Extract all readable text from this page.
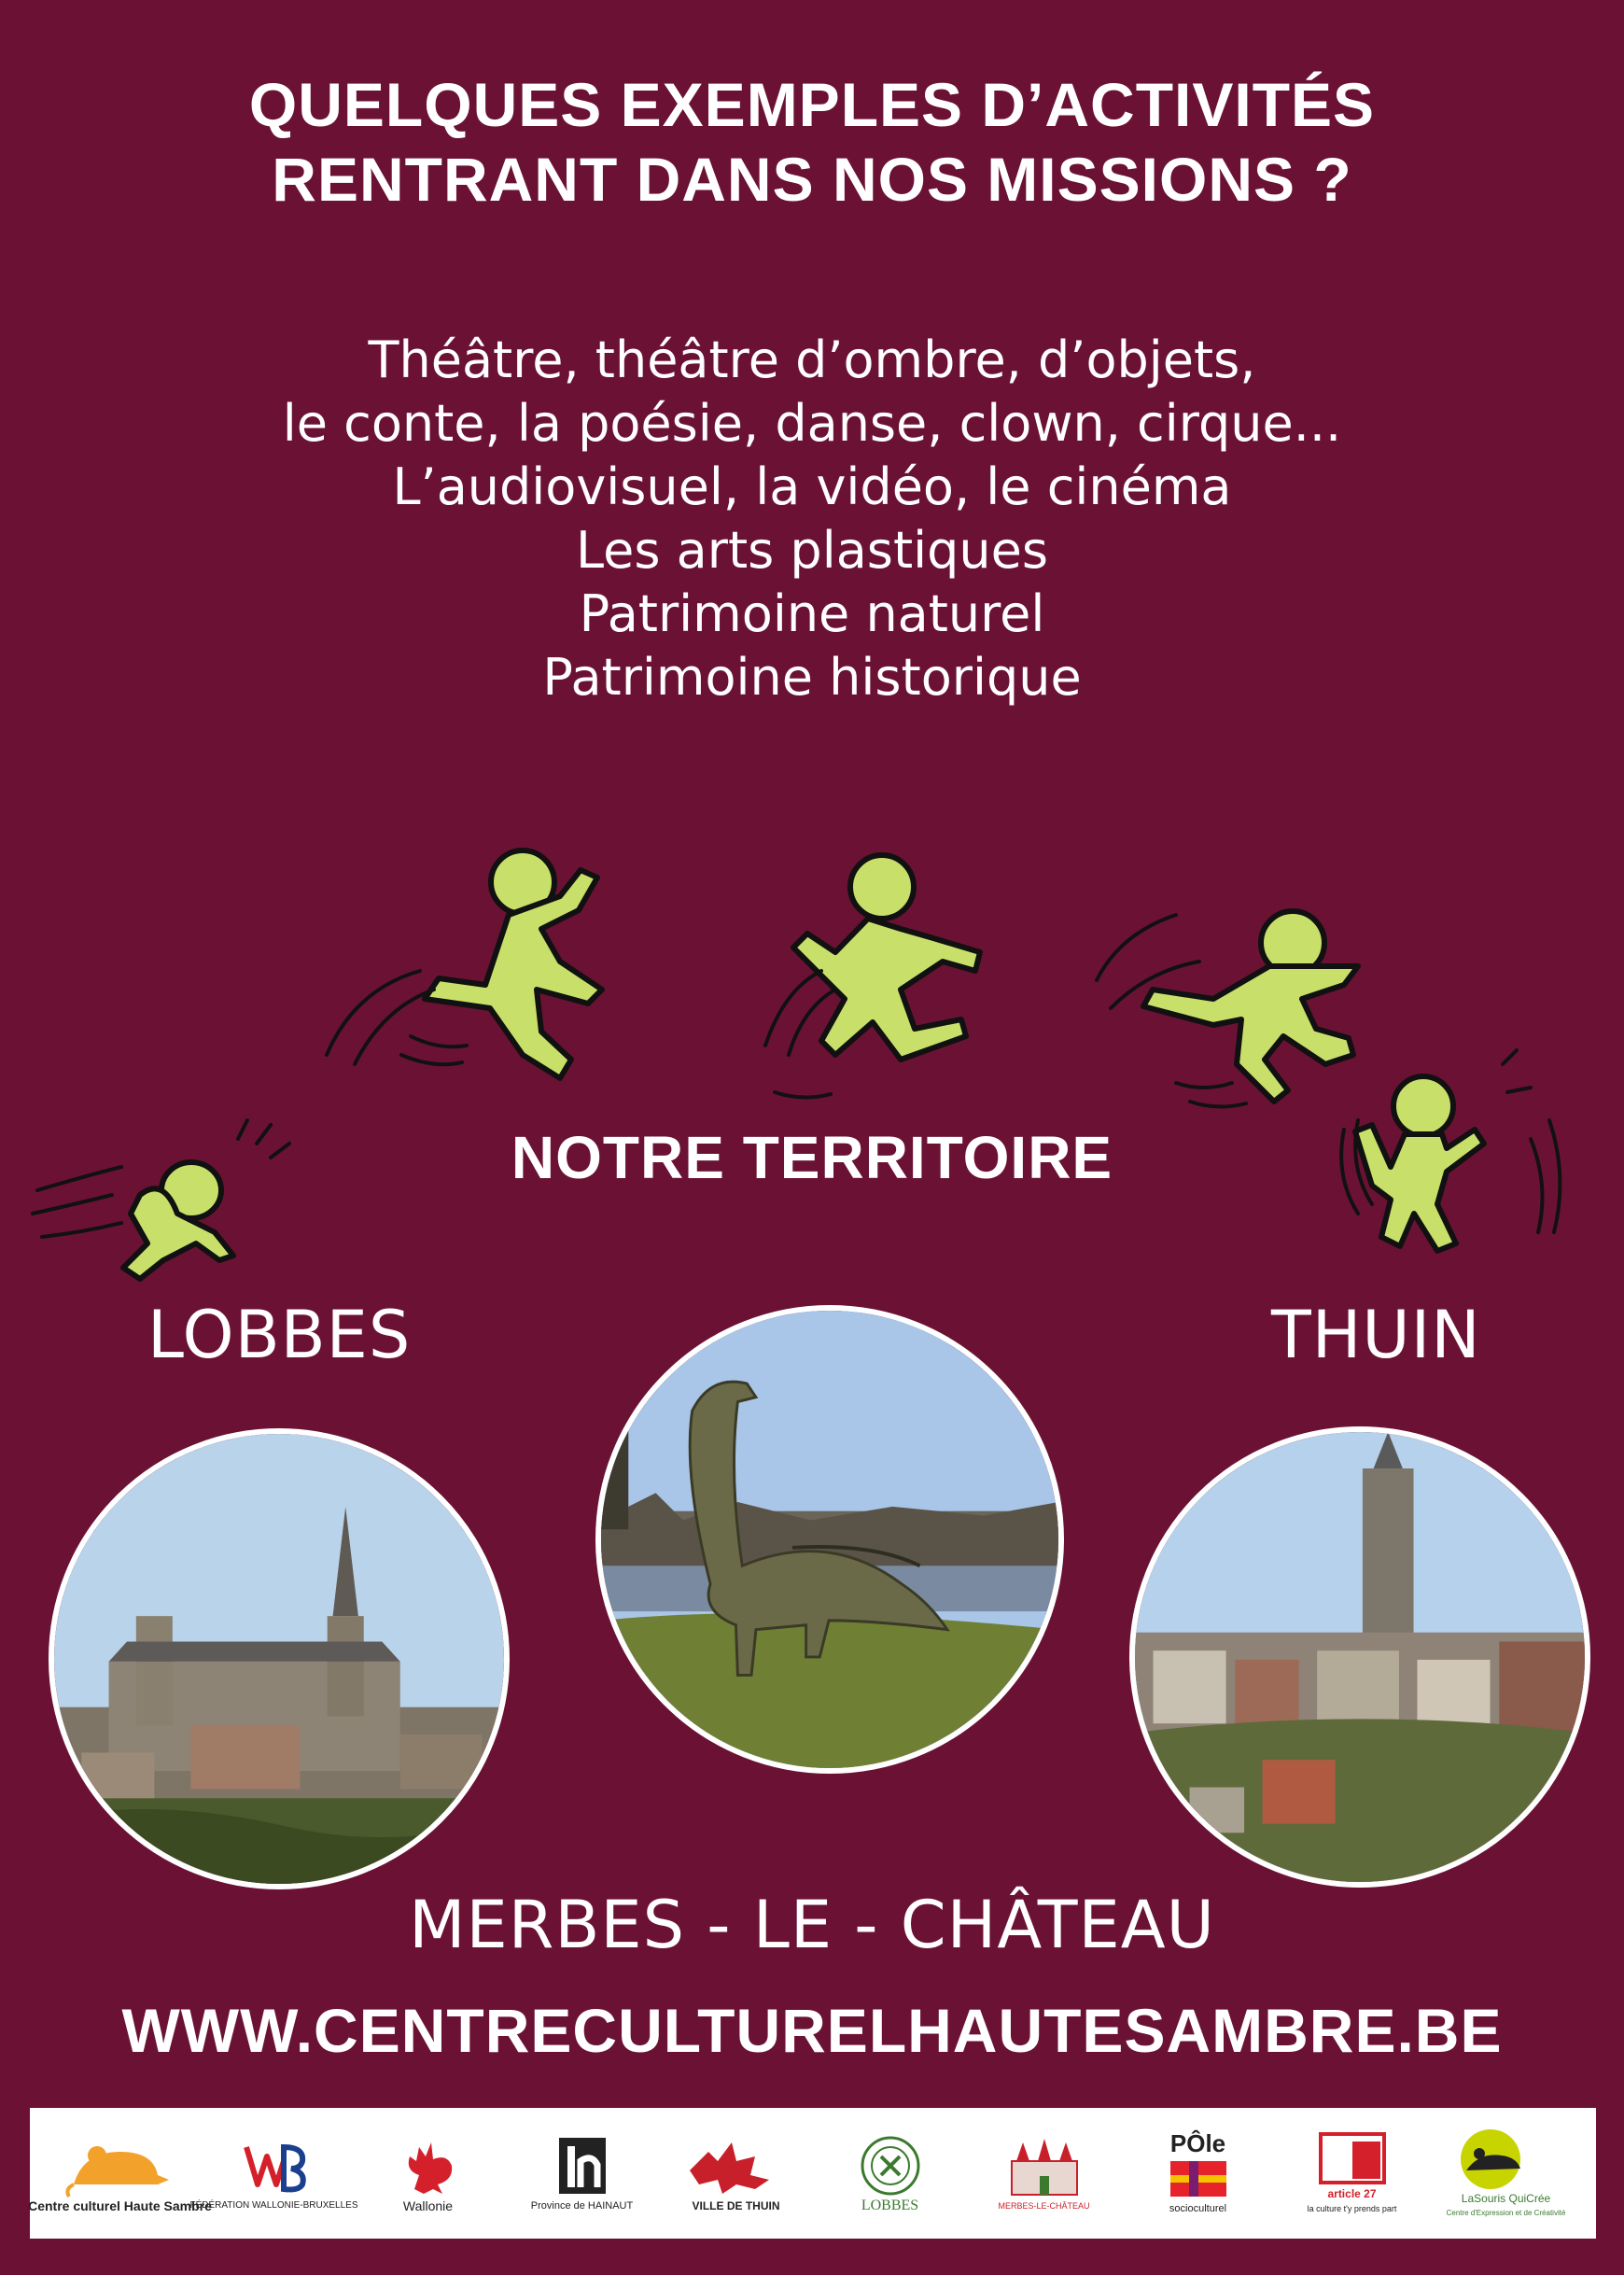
QUELQUES EXEMPLES D’ACTIVITÉS
RENTRANT DANS NOS MISSIONS ?
Théâtre, théâtre d’ombre, d’objets,
le conte, la poésie, danse, clown, cirque...
L’audiovisuel, la vidéo, le cinéma
Les arts plastiques
Patrimoine naturel
Patrimoine historique
NOTRE TERRITOIRE
LOBBES	THUIN
MERBES - LE - CHÂTEAU
WWW.CENTRECULTURELHAUTESAMBRE.BE
Centre culturel Haute Sambre
FÉDÉRATION WALLONIE-BRUXELLES	Wallonie	Province de HAINAUT	VILLE DE THUIN	LOBBES	MERBES-LE-CHÂTEAU
PÔle
socioculturel
article 27
la culture t'y prends part
LaSouris QuiCrée
Centre d'Expression et de Créativité
